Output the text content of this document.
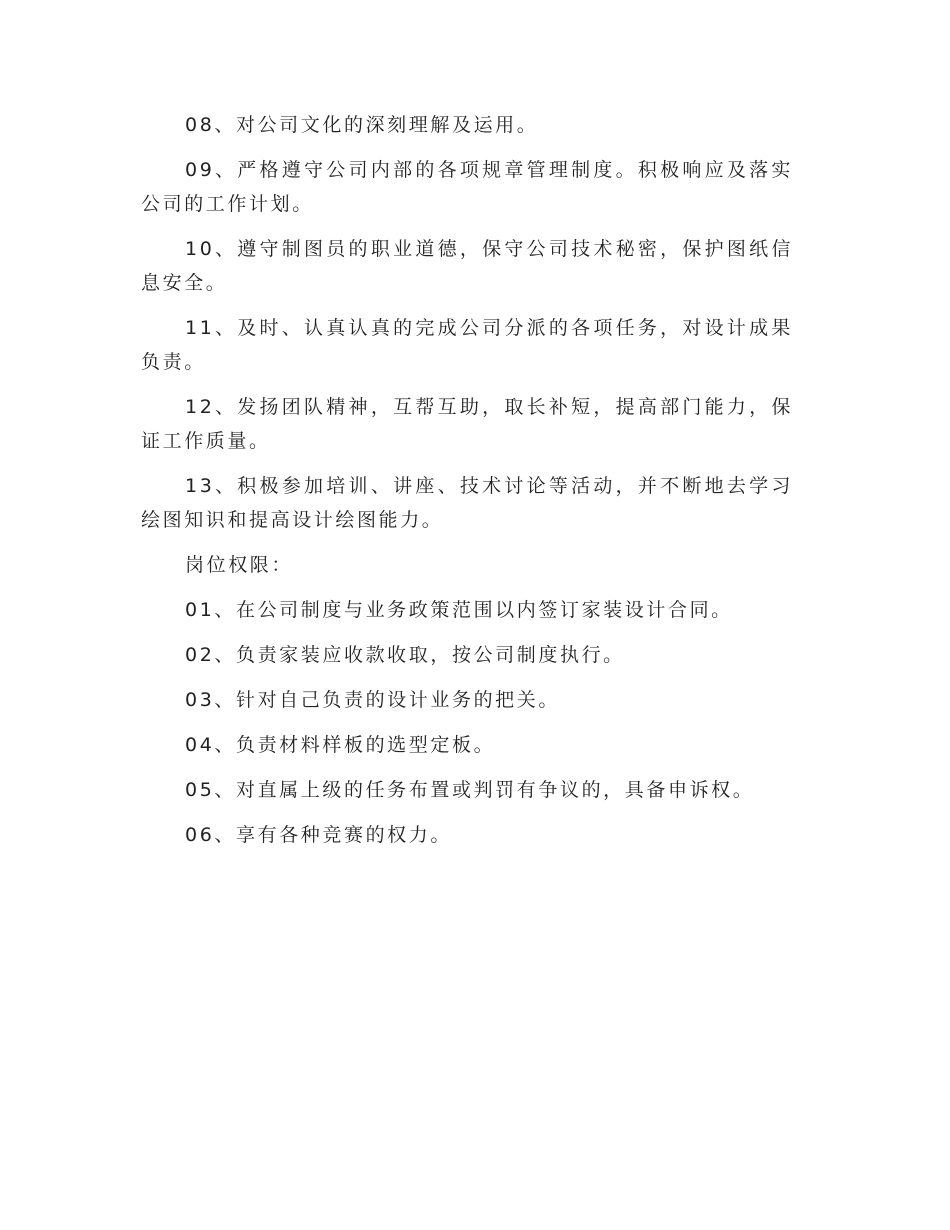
08、对公司文化的深刻理解及运用。

09、严格遵守公司内部的各项规章管理制度。积极响应及落实公司的工作计划。

10、遵守制图员的职业道德，保守公司技术秘密，保护图纸信息安全。

11、及时、认真认真的完成公司分派的各项任务，对设计成果负责。

12、发扬团队精神，互帮互助，取长补短，提高部门能力，保证工作质量。

13、积极参加培训、讲座、技术讨论等活动，并不断地去学习绘图知识和提高设计绘图能力。

岗位权限：

01、在公司制度与业务政策范围以内签订家装设计合同。

02、负责家装应收款收取，按公司制度执行。

03、针对自己负责的设计业务的把关。

04、负责材料样板的选型定板。

05、对直属上级的任务布置或判罚有争议的，具备申诉权。

06、享有各种竞赛的权力。
